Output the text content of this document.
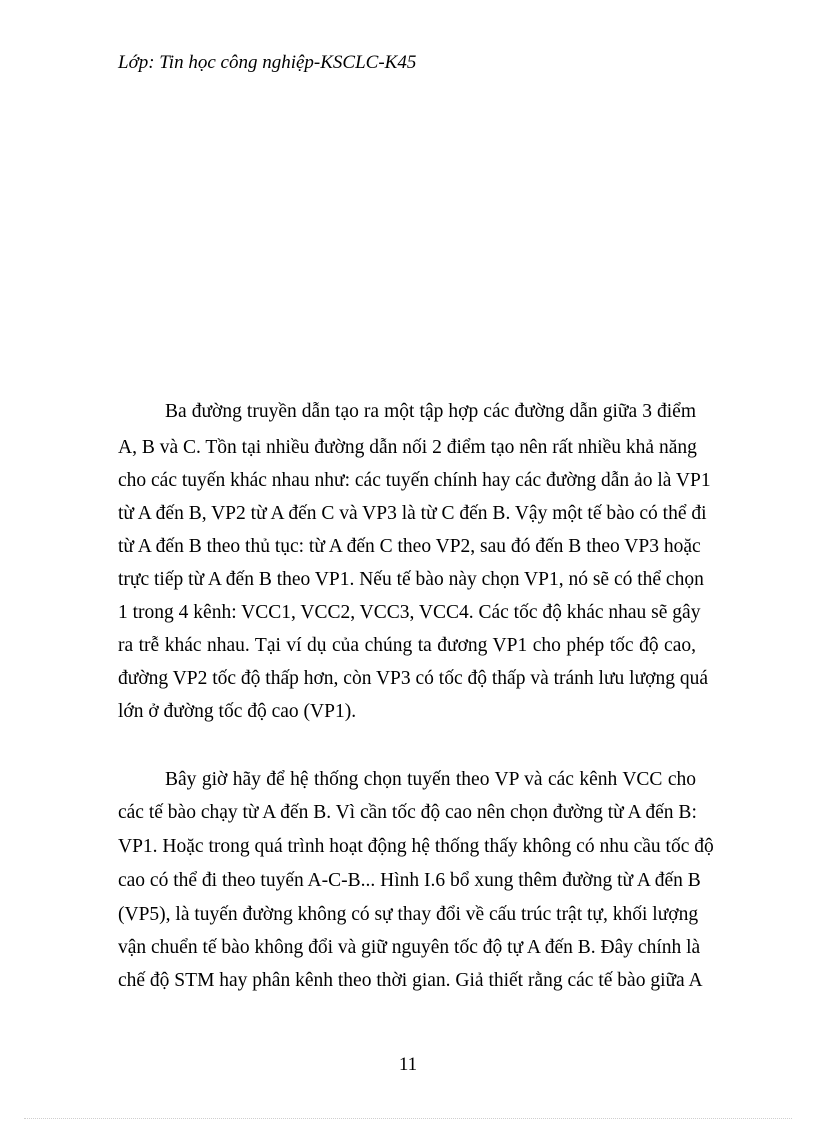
Lớp: Tin học công nghiệp-KSCLC-K45
Ba đường truyền dẫn tạo ra một tập hợp các đường dẫn giữa 3 điểm
A, B và C. Tồn tại nhiều đường dẫn nối 2 điểm tạo nên rất nhiều khả năng
cho các tuyến khác nhau như: các tuyến chính hay các đường dẫn ảo là VP1
từ A đến B, VP2 từ A đến C và VP3 là từ C đến B. Vậy một tế bào có thể đi
từ A đến B theo thủ tục: từ A đến C theo VP2, sau đó đến B theo VP3 hoặc
trực tiếp từ A đến B theo VP1. Nếu tế bào này chọn VP1, nó sẽ có thể chọn
1 trong 4 kênh: VCC1, VCC2, VCC3, VCC4. Các tốc độ khác nhau sẽ gây
ra trễ khác nhau. Tại ví dụ của chúng ta đương VP1 cho phép tốc độ cao,
đường VP2 tốc độ thấp hơn, còn VP3 có tốc độ thấp và tránh lưu lượng quá
lớn ở đường tốc độ cao (VP1).
Bây giờ hãy để hệ thống chọn tuyến theo VP và các kênh VCC cho
các tế bào chạy từ A đến B. Vì cần tốc độ cao nên chọn đường từ A đến B:
VP1. Hoặc trong quá trình hoạt động hệ thống thấy không có nhu cầu tốc độ
cao có thể đi theo tuyến A-C-B... Hình I.6 bổ xung thêm đường từ A đến B
(VP5), là tuyến đường không có sự thay đổi về cấu trúc trật tự, khối lượng
vận chuển tế bào không đổi và giữ nguyên tốc độ tự A đến B. Đây chính là
chế độ STM hay phân kênh theo thời gian. Giả thiết rằng các tế bào giữa A
11
